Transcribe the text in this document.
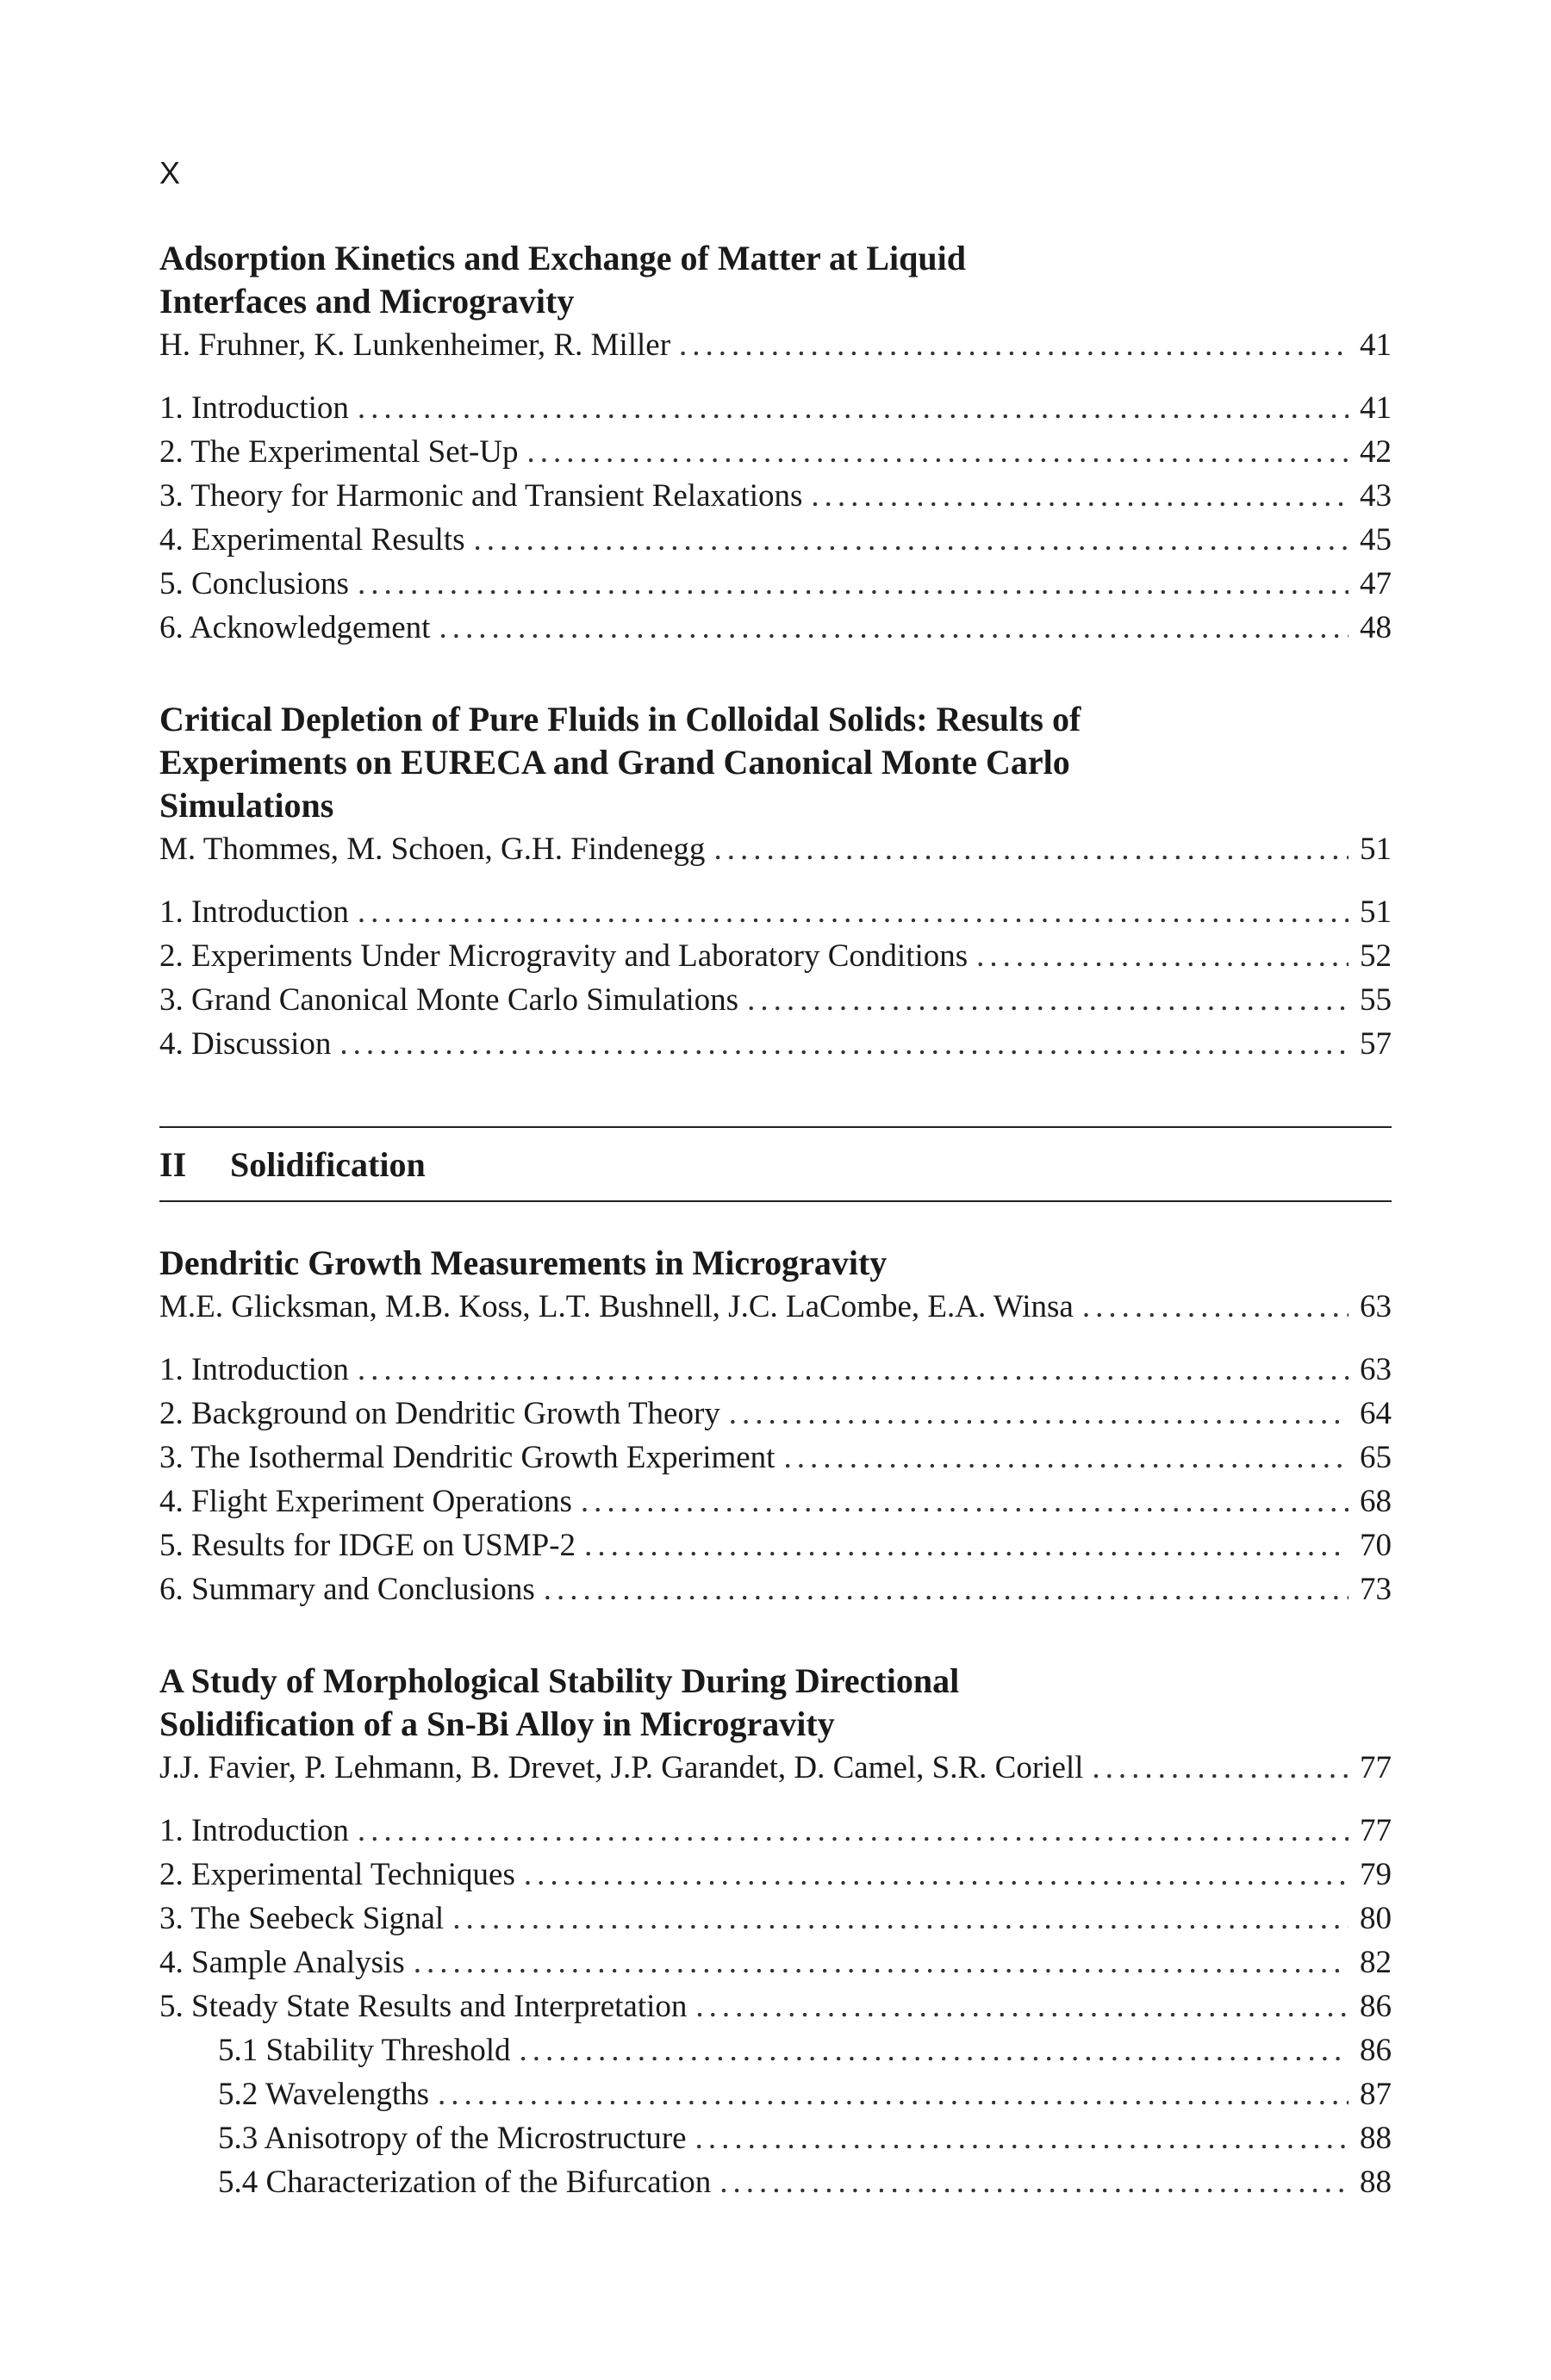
X
Adsorption Kinetics and Exchange of Matter at Liquid
Interfaces and Microgravity
H. Fruhner, K. Lunkenheimer, R. Miller .....	41
1. Introduction .....	41
2. The Experimental Set-Up .....	42
3. Theory for Harmonic and Transient Relaxations .....	43
4. Experimental Results .....	45
5. Conclusions .....	47
6. Acknowledgement .....	48
Critical Depletion of Pure Fluids in Colloidal Solids: Results of
Experiments on EURECA and Grand Canonical Monte Carlo
Simulations
M. Thommes, M. Schoen, G.H. Findenegg .....	51
1. Introduction .....	51
2. Experiments Under Microgravity and Laboratory Conditions .....	52
3. Grand Canonical Monte Carlo Simulations .....	55
4. Discussion .....	57
II Solidification
Dendritic Growth Measurements in Microgravity
M.E. Glicksman, M.B. Koss, L.T. Bushnell, J.C. LaCombe, E.A. Winsa .....	63
1. Introduction .....	63
2. Background on Dendritic Growth Theory .....	64
3. The Isothermal Dendritic Growth Experiment .....	65
4. Flight Experiment Operations .....	68
5. Results for IDGE on USMP-2 .....	70
6. Summary and Conclusions .....	73
A Study of Morphological Stability During Directional
Solidification of a Sn-Bi Alloy in Microgravity
J.J. Favier, P. Lehmann, B. Drevet, J.P. Garandet, D. Camel, S.R. Coriell .....	77
1. Introduction .....	77
2. Experimental Techniques .....	79
3. The Seebeck Signal .....	80
4. Sample Analysis .....	82
5. Steady State Results and Interpretation .....	86
5.1 Stability Threshold .....	86
5.2 Wavelengths .....	87
5.3 Anisotropy of the Microstructure .....	88
5.4 Characterization of the Bifurcation .....	88
